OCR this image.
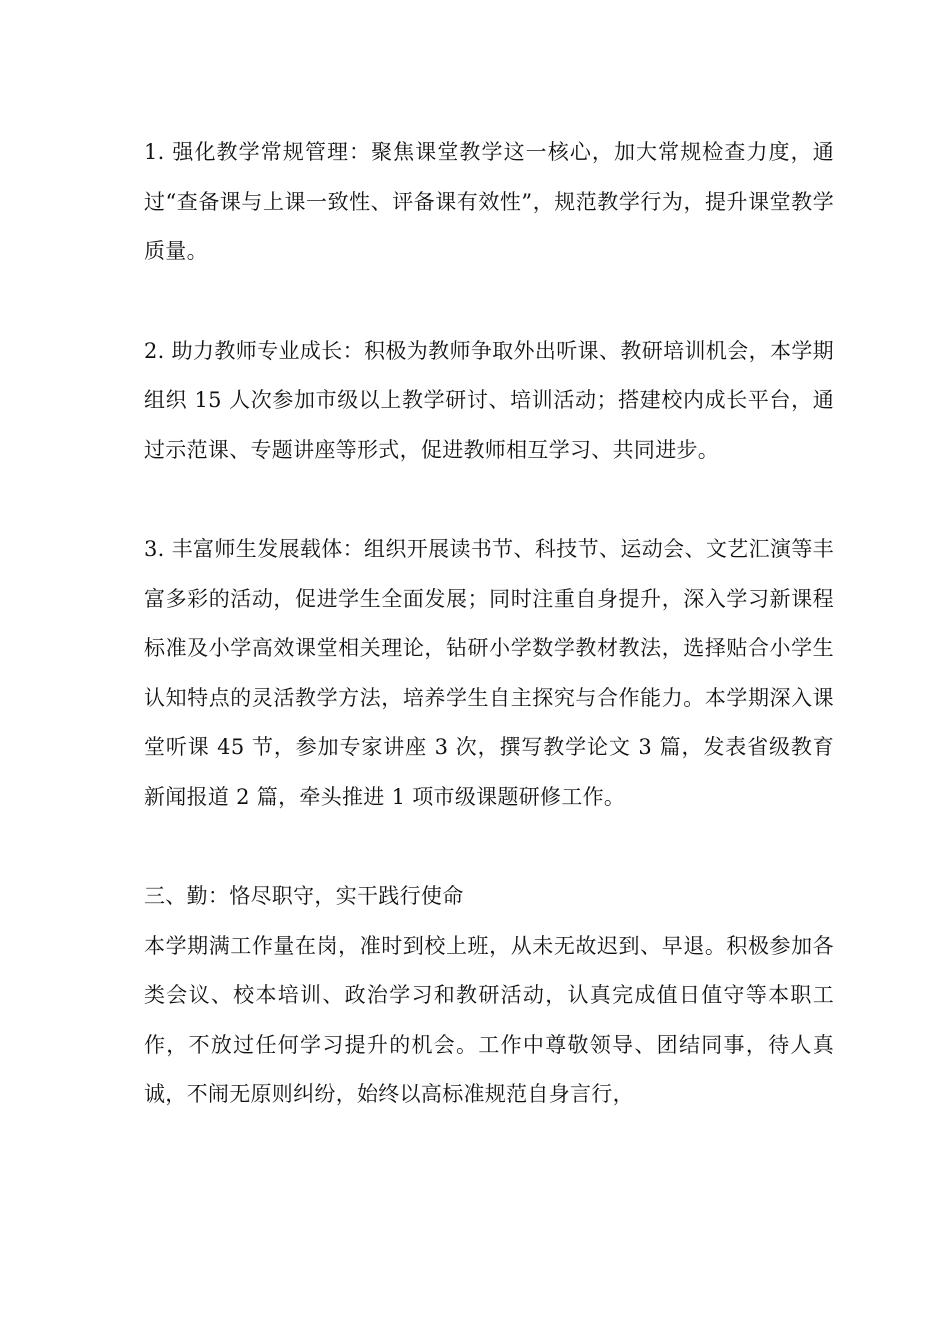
1. 强化教学常规管理：聚焦课堂教学这一核心，加大常规检查力度，通过“查备课与上课一致性、评备课有效性”，规范教学行为，提升课堂教学质量。

2. 助力教师专业成长：积极为教师争取外出听课、教研培训机会，本学期组织 15 人次参加市级以上教学研讨、培训活动；搭建校内成长平台，通过示范课、专题讲座等形式，促进教师相互学习、共同进步。

3. 丰富师生发展载体：组织开展读书节、科技节、运动会、文艺汇演等丰富多彩的活动，促进学生全面发展；同时注重自身提升，深入学习新课程标准及小学高效课堂相关理论，钻研小学数学教材教法，选择贴合小学生认知特点的灵活教学方法，培养学生自主探究与合作能力。本学期深入课堂听课 45 节，参加专家讲座 3 次，撰写教学论文 3 篇，发表省级教育新闻报道 2 篇，牵头推进 1 项市级课题研修工作。

三、勤：恪尽职守，实干践行使命

本学期满工作量在岗，准时到校上班，从未无故迟到、早退。积极参加各类会议、校本培训、政治学习和教研活动，认真完成值日值守等本职工作，不放过任何学习提升的机会。工作中尊敬领导、团结同事，待人真诚，不闹无原则纠纷，始终以高标准规范自身言行，
